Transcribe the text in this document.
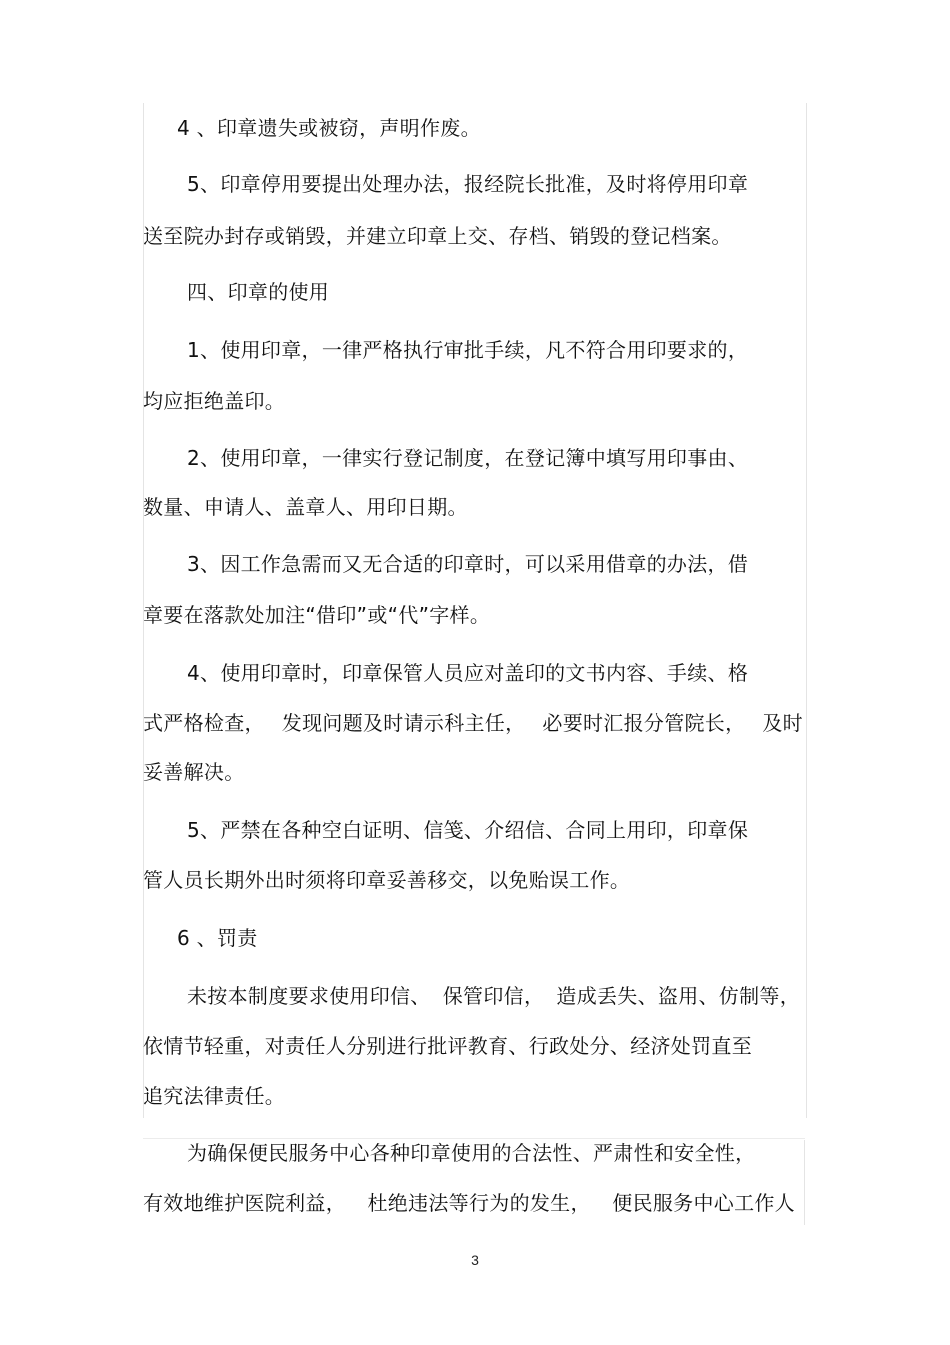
4 、印章遗失或被窃，声明作废。
5、印章停用要提出处理办法，报经院长批准，及时将停用印章
送至院办封存或销毁，并建立印章上交、存档、销毁的登记档案。
四、印章的使用
1、使用印章，一律严格执行审批手续，凡不符合用印要求的，
均应拒绝盖印。
2、使用印章，一律实行登记制度，在登记簿中填写用印事由、
数量、申请人、盖章人、用印日期。
3、因工作急需而又无合适的印章时，可以采用借章的办法，借
章要在落款处加注“借印”或“代”字样。
4、使用印章时，印章保管人员应对盖印的文书内容、手续、格
式严格检查， 发现问题及时请示科主任， 必要时汇报分管院长， 及时
妥善解决。
5、严禁在各种空白证明、信笺、介绍信、合同上用印，印章保
管人员长期外出时须将印章妥善移交，以免贻误工作。
6 、罚责
未按本制度要求使用印信、 保管印信， 造成丢失、盗用、仿制等，
依情节轻重，对责任人分别进行批评教育、行政处分、经济处罚直至
追究法律责任。
为确保便民服务中心各种印章使用的合法性、严肃性和安全性，
有效地维护医院利益， 杜绝违法等行为的发生， 便民服务中心工作人
3
